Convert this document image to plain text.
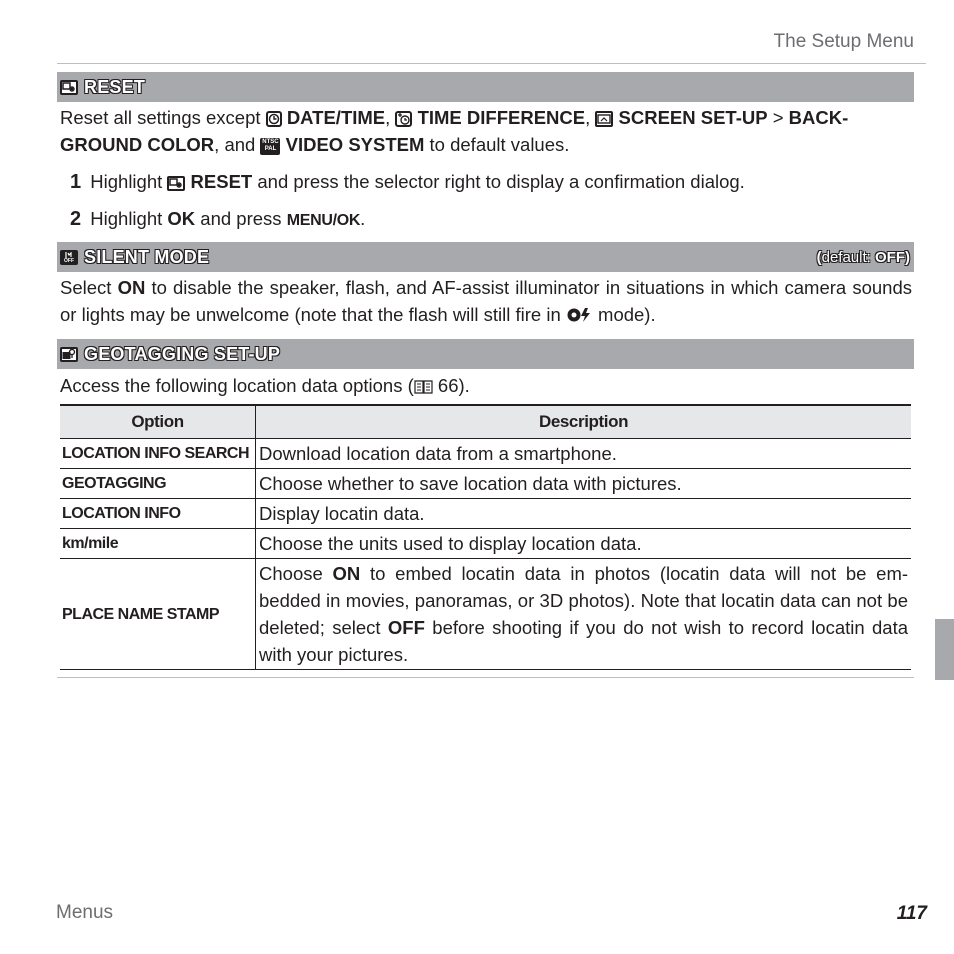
The Setup Menu
RESET
Reset all settings except DATE/TIME, TIME DIFFERENCE, SCREEN SET-UP > BACK-
GROUND COLOR, and	NTSC PAL VIDEO SYSTEM to default values.
1 Highlight RESET and press the selector right to display a confirmation dialog.
2 Highlight OK and press MENU/OK.
OFF SILENT MODE	(default: OFF)
Select ON to disable the speaker, flash, and AF-assist illuminator in situations in which camera sounds or lights may be unwelcome (note that the flash will still fire in mode).
GEOTAGGING SET-UP
Access the following location data options ( 66).
Option	Description
LOCATION INFO SEARCH	Download location data from a smartphone.
GEOTAGGING	Choose whether to save location data with pictures.
LOCATION INFO	Display locatin data.
km/mile	Choose the units used to display location data.
PLACE NAME STAMP	Choose ON to embed locatin data in photos (locatin data will not be em-bedded in movies, panoramas, or 3D photos). Note that locatin data can not be deleted; select OFF before shooting if you do not wish to record locatin data with your pictures.
Menus	117
